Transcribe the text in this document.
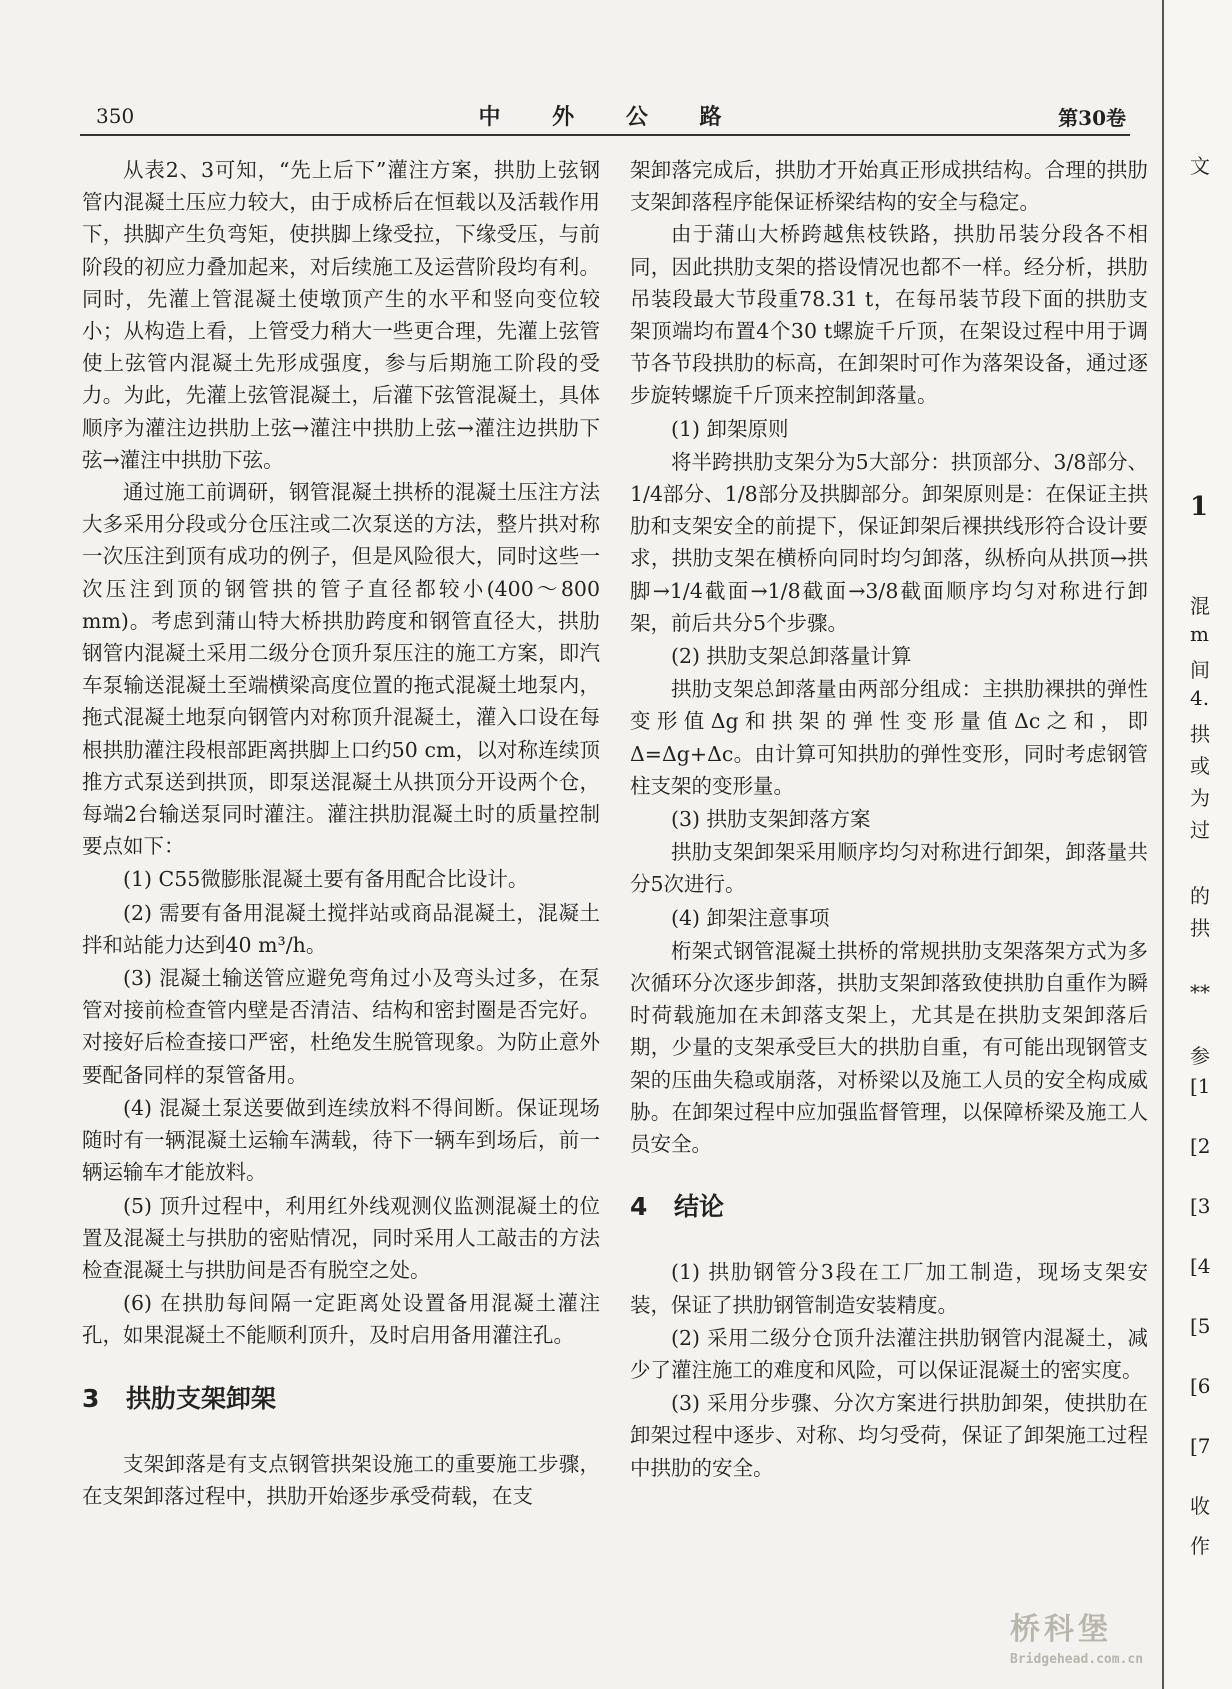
350	中 外 公 路	第30卷

从表2、3可知，“先上后下”灌注方案，拱肋上弦钢管内混凝土压应力较大，由于成桥后在恒载以及活载作用下，拱脚产生负弯矩，使拱脚上缘受拉，下缘受压，与前阶段的初应力叠加起来，对后续施工及运营阶段均有利。同时，先灌上管混凝土使墩顶产生的水平和竖向变位较小；从构造上看，上管受力稍大一些更合理，先灌上弦管使上弦管内混凝土先形成强度，参与后期施工阶段的受力。为此，先灌上弦管混凝土，后灌下弦管混凝土，具体顺序为灌注边拱肋上弦→灌注中拱肋上弦→灌注边拱肋下弦→灌注中拱肋下弦。

通过施工前调研，钢管混凝土拱桥的混凝土压注方法大多采用分段或分仓压注或二次泵送的方法，整片拱对称一次压注到顶有成功的例子，但是风险很大，同时这些一次压注到顶的钢管拱的管子直径都较小(400～800 mm)。考虑到蒲山特大桥拱肋跨度和钢管直径大，拱肋钢管内混凝土采用二级分仓顶升泵压注的施工方案，即汽车泵输送混凝土至端横梁高度位置的拖式混凝土地泵内，拖式混凝土地泵向钢管内对称顶升混凝土，灌入口设在每根拱肋灌注段根部距离拱脚上口约50 cm，以对称连续顶推方式泵送到拱顶，即泵送混凝土从拱顶分开设两个仓，每端2台输送泵同时灌注。灌注拱肋混凝土时的质量控制要点如下：

(1) C55微膨胀混凝土要有备用配合比设计。

(2) 需要有备用混凝土搅拌站或商品混凝土，混凝土拌和站能力达到40 m³/h。

(3) 混凝土输送管应避免弯角过小及弯头过多，在泵管对接前检查管内壁是否清洁、结构和密封圈是否完好。对接好后检查接口严密，杜绝发生脱管现象。为防止意外要配备同样的泵管备用。

(4) 混凝土泵送要做到连续放料不得间断。保证现场随时有一辆混凝土运输车满载，待下一辆车到场后，前一辆运输车才能放料。

(5) 顶升过程中，利用红外线观测仪监测混凝土的位置及混凝土与拱肋的密贴情况，同时采用人工敲击的方法检查混凝土与拱肋间是否有脱空之处。

(6) 在拱肋每间隔一定距离处设置备用混凝土灌注孔，如果混凝土不能顺利顶升，及时启用备用灌注孔。

3 拱肋支架卸架

支架卸落是有支点钢管拱架设施工的重要施工步骤，在支架卸落过程中，拱肋开始逐步承受荷载，在支

架卸落完成后，拱肋才开始真正形成拱结构。合理的拱肋支架卸落程序能保证桥梁结构的安全与稳定。

由于蒲山大桥跨越焦枝铁路，拱肋吊装分段各不相同，因此拱肋支架的搭设情况也都不一样。经分析，拱肋吊装段最大节段重78.31 t，在每吊装节段下面的拱肋支架顶端均布置4个30 t螺旋千斤顶，在架设过程中用于调节各节段拱肋的标高，在卸架时可作为落架设备，通过逐步旋转螺旋千斤顶来控制卸落量。

(1) 卸架原则

将半跨拱肋支架分为5大部分：拱顶部分、3/8部分、1/4部分、1/8部分及拱脚部分。卸架原则是：在保证主拱肋和支架安全的前提下，保证卸架后裸拱线形符合设计要求，拱肋支架在横桥向同时均匀卸落，纵桥向从拱顶→拱脚→1/4截面→1/8截面→3/8截面顺序均匀对称进行卸架，前后共分5个步骤。

(2) 拱肋支架总卸落量计算

拱肋支架总卸落量由两部分组成：主拱肋裸拱的弹性变形值Δg和拱架的弹性变形量值Δc之和，即Δ=Δg+Δc。由计算可知拱肋的弹性变形，同时考虑钢管柱支架的变形量。

(3) 拱肋支架卸落方案

拱肋支架卸架采用顺序均匀对称进行卸架，卸落量共分5次进行。

(4) 卸架注意事项

桁架式钢管混凝土拱桥的常规拱肋支架落架方式为多次循环分次逐步卸落，拱肋支架卸落致使拱肋自重作为瞬时荷载施加在未卸落支架上，尤其是在拱肋支架卸落后期，少量的支架承受巨大的拱肋自重，有可能出现钢管支架的压曲失稳或崩落，对桥梁以及施工人员的安全构成威胁。在卸架过程中应加强监督管理，以保障桥梁及施工人员安全。

4 结论

(1) 拱肋钢管分3段在工厂加工制造，现场支架安装，保证了拱肋钢管制造安装精度。

(2) 采用二级分仓顶升法灌注拱肋钢管内混凝土，减少了灌注施工的难度和风险，可以保证混凝土的密实度。

(3) 采用分步骤、分次方案进行拱肋卸架，使拱肋在卸架过程中逐步、对称、均匀受荷，保证了卸架施工过程中拱肋的安全。

文
1
混
m
间
4.
拱
或
为
过
的
拱
**
参
[1
[2
[3
[4
[5
[6
[7
收
作
桥科堡
Bridgehead.com.cn
